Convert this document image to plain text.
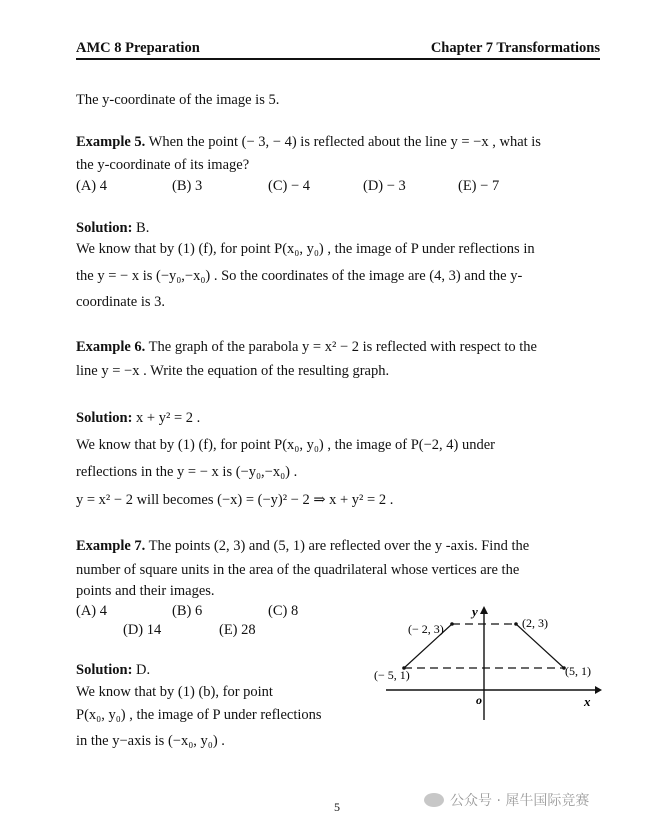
AMC 8 Preparation	Chapter 7 Transformations
The y-coordinate of the image is 5.
Example 5. When the point (− 3, − 4) is reflected about the line y = −x , what is
the y-coordinate of its image?
(A) 4	(B) 3	(C) − 4	(D) − 3	(E) − 7
Solution: B.
We know that by (1) (f), for point P(x₀, y₀) , the image of P under reflections in
the y = − x is (−y₀,−x₀) . So the coordinates of the image are (4, 3) and the y-
coordinate is 3.
Example 6. The graph of the parabola y = x² − 2 is reflected with respect to the
line y = −x . Write the equation of the resulting graph.
Solution: x + y² = 2 .
We know that by (1) (f), for point P(x₀, y₀) , the image of P(−2, 4) under
reflections in the y = − x is (−y₀,−x₀) .
y = x² − 2 will becomes (−x) = (−y)² − 2 ⇒ x + y² = 2 .
Example 7. The points (2, 3) and (5, 1) are reflected over the y -axis. Find the
number of square units in the area of the quadrilateral whose vertices are the
points and their images.
(A) 4	(B) 6	(C) 8
(D) 14	(E) 28
Solution: D.
We know that by (1) (b), for point
P(x₀, y₀) , the image of P under reflections
in the y−axis is (−x₀, y₀) .
y
x
o
(− 2, 3)	(2, 3)
(− 5, 1)	(5, 1)
5	公众号 · 犀牛国际竞赛
